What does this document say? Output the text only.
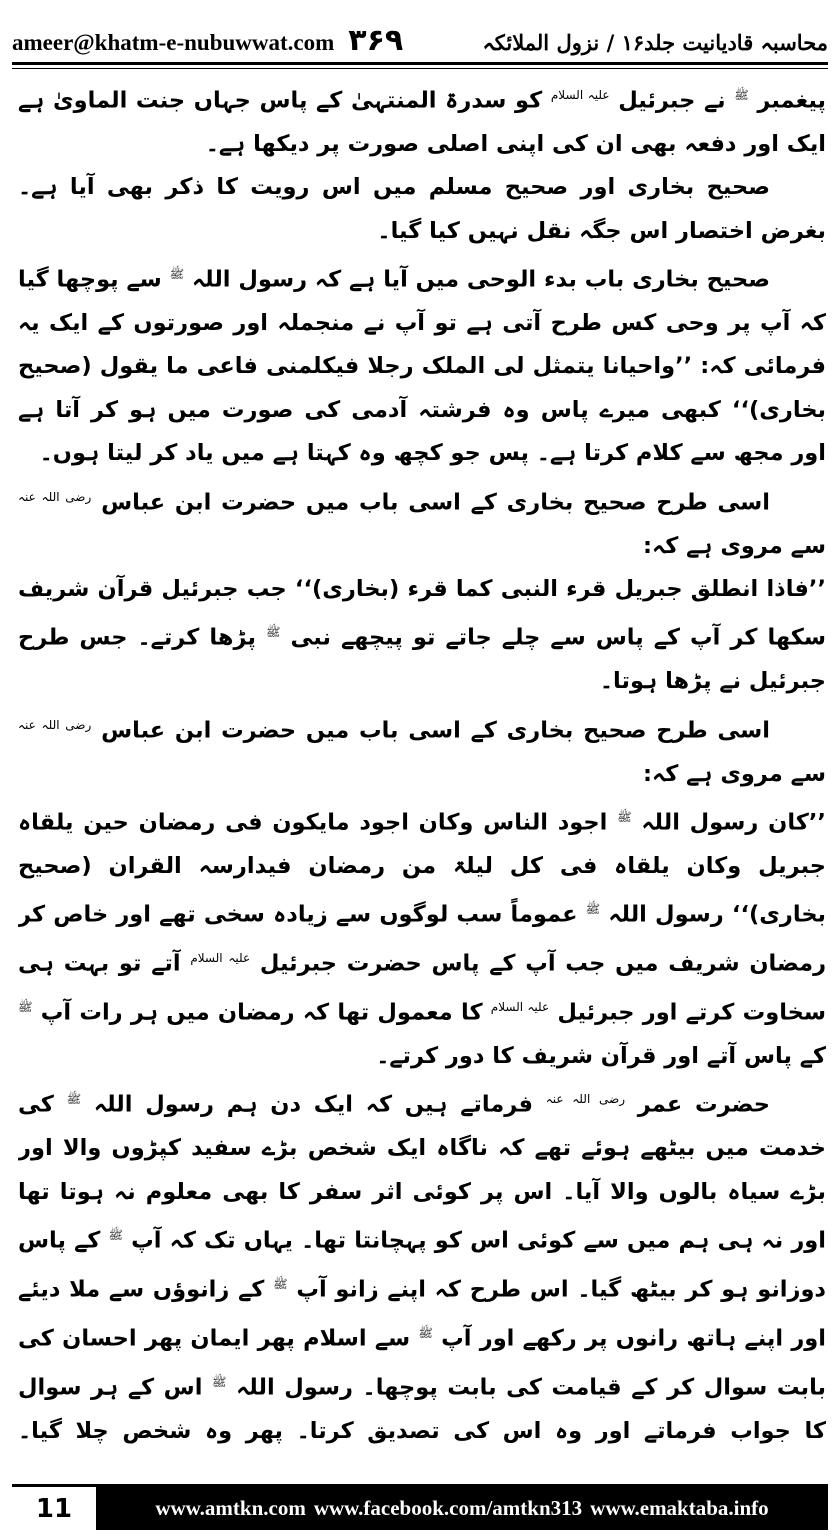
ameer@khatm-e-nubuwwat.com ۳۶۹	محاسبہ قادیانیت جلد۱۶ / نزول الملائکہ

پیغمبر $^ﷺ$ نے جبرئیل $^{علیہ السلام}$ کو سدرۃ المنتہیٰ کے پاس جہاں جنت الماویٰ ہے ایک اور دفعہ بھی ان کی اپنی اصلی صورت پر دیکھا ہے۔

صحیح بخاری اور صحیح مسلم میں اس رویت کا ذکر بھی آیا ہے۔ بغرض اختصار اس جگہ نقل نہیں کیا گیا۔

صحیح بخاری باب بدء الوحی میں آیا ہے کہ رسول اللہ $^ﷺ$ سے پوچھا گیا کہ آپ پر وحی کس طرح آتی ہے تو آپ نے منجملہ اور صورتوں کے ایک یہ فرمائی کہ: ’’واحیانا یتمثل لی الملک رجلا فیکلمنی فاعی ما یقول (صحیح بخاری)‘‘ کبھی میرے پاس وہ فرشتہ آدمی کی صورت میں ہو کر آتا ہے اور مجھ سے کلام کرتا ہے۔ پس جو کچھ وہ کہتا ہے میں یاد کر لیتا ہوں۔

اسی طرح صحیح بخاری کے اسی باب میں حضرت ابن عباس $^{رضی اللہ عنہ}$ سے مروی ہے کہ:

’’فاذا انطلق جبریل قرء النبی کما قرء (بخاری)‘‘ جب جبرئیل قرآن شریف سکھا کر آپ کے پاس سے چلے جاتے تو پیچھے نبی $^ﷺ$ پڑھا کرتے۔ جس طرح جبرئیل نے پڑھا ہوتا۔

اسی طرح صحیح بخاری کے اسی باب میں حضرت ابن عباس $^{رضی اللہ عنہ}$ سے مروی ہے کہ:

’’کان رسول اللہ $^ﷺ$ اجود الناس وکان اجود مایکون فی رمضان حین یلقاہ جبریل وکان یلقاہ فی کل لیلۃ من رمضان فیدارسہ القران (صحیح بخاری)‘‘ رسول اللہ $^ﷺ$ عموماً سب لوگوں سے زیادہ سخی تھے اور خاص کر رمضان شریف میں جب آپ کے پاس حضرت جبرئیل $^{علیہ السلام}$ آتے تو بہت ہی سخاوت کرتے اور جبرئیل $^{علیہ السلام}$ کا معمول تھا کہ رمضان میں ہر رات آپ $^ﷺ$ کے پاس آتے اور قرآن شریف کا دور کرتے۔

حضرت عمر $^{رضی اللہ عنہ}$ فرماتے ہیں کہ ایک دن ہم رسول اللہ $^ﷺ$ کی خدمت میں بیٹھے ہوئے تھے کہ ناگاہ ایک شخص بڑے سفید کپڑوں والا اور بڑے سیاہ بالوں والا آیا۔ اس پر کوئی اثر سفر کا بھی معلوم نہ ہوتا تھا اور نہ ہی ہم میں سے کوئی اس کو پہچانتا تھا۔ یہاں تک کہ آپ $^ﷺ$ کے پاس دوزانو ہو کر بیٹھ گیا۔ اس طرح کہ اپنے زانو آپ $^ﷺ$ کے زانوؤں سے ملا دیئے اور اپنے ہاتھ رانوں پر رکھے اور آپ $^ﷺ$ سے اسلام پھر ایمان پھر احسان کی بابت سوال کر کے قیامت کی بابت پوچھا۔ رسول اللہ $^ﷺ$ اس کے ہر سوال کا جواب فرماتے اور وہ اس کی تصدیق کرتا۔ پھر وہ شخص چلا گیا۔

11	www.amtkn.com www.facebook.com/amtkn313 www.emaktaba.info
